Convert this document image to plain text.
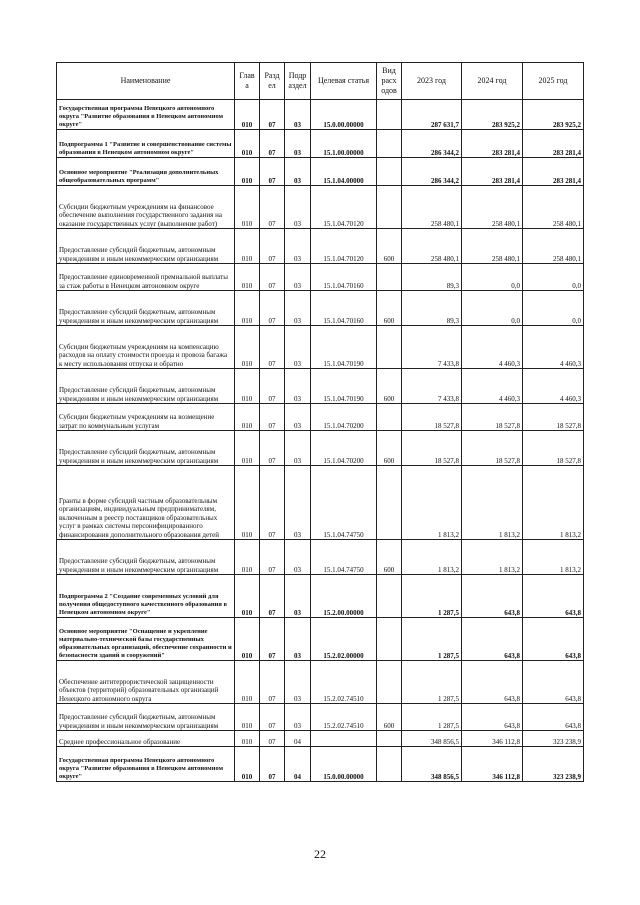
Наименование	Глав а	Разд ел	Подр аздел	Целевая статья	Вид расх одов	2023 год	2024 год	2025 год
Государственная программа Ненецкого автономного округа "Развитие образования в Ненецком автономном округе"	010	07	03	15.0.00.00000		287 631,7	283 925,2	283 925,2
Подпрограмма 1 "Развитие и совершенствование системы образования в Ненецком автономном округе"	010	07	03	15.1.00.00000		286 344,2	283 281,4	283 281,4
Основное мероприятие "Реализация дополнительных общеобразовательных программ"	010	07	03	15.1.04.00000		286 344,2	283 281,4	283 281,4
Субсидии бюджетным учреждениям на финансовое обеспечение выполнения государственного задания на оказание государственных услуг (выполнение работ)	010	07	03	15.1.04.70120		258 480,1	258 480,1	258 480,1
Предоставление субсидий бюджетным, автономным учреждениям и иным некоммерческим организациям	010	07	03	15.1.04.70120	600	258 480,1	258 480,1	258 480,1
Предоставление единовременной премиальной выплаты за стаж работы в Ненецком автономном округе	010	07	03	15.1.04.70160		89,3	0,0	0,0
Предоставление субсидий бюджетным, автономным учреждениям и иным некоммерческим организациям	010	07	03	15.1.04.70160	600	89,3	0,0	0,0
Субсидии бюджетным учреждениям на компенсацию расходов на оплату стоимости проезда и провоза багажа к месту использования отпуска и обратно	010	07	03	15.1.04.70190		7 433,8	4 460,3	4 460,3
Предоставление субсидий бюджетным, автономным учреждениям и иным некоммерческим организациям	010	07	03	15.1.04.70190	600	7 433,8	4 460,3	4 460,3
Субсидии бюджетным учреждениям на возмещение затрат по коммунальным услугам	010	07	03	15.1.04.70200		18 527,8	18 527,8	18 527,8
Предоставление субсидий бюджетным, автономным учреждениям и иным некоммерческим организациям	010	07	03	15.1.04.70200	600	18 527,8	18 527,8	18 527,8
Гранты в форме субсидий частным образовательным организациям, индивидуальным предпринимателям, включенным в реестр поставщиков образовательных услуг в рамках системы персонифицированного финансирования дополнительного образования детей	010	07	03	15.1.04.74750		1 813,2	1 813,2	1 813,2
Предоставление субсидий бюджетным, автономным учреждениям и иным некоммерческим организациям	010	07	03	15.1.04.74750	600	1 813,2	1 813,2	1 813,2
Подпрограмма 2 "Создание современных условий для получения общедоступного качественного образования в Ненецком автономном округе"	010	07	03	15.2.00.00000		1 287,5	643,8	643,8
Основное мероприятие "Оснащение и укрепление материально-технической базы государственных образовательных организаций, обеспечение сохранности и безопасности зданий и сооружений"	010	07	03	15.2.02.00000		1 287,5	643,8	643,8
Обеспечение антитеррористической защищенности объектов (территорий) образовательных организаций Ненецкого автономного округа	010	07	03	15.2.02.74510		1 287,5	643,8	643,8
Предоставление субсидий бюджетным, автономным учреждениям и иным некоммерческим организациям	010	07	03	15.2.02.74510	600	1 287,5	643,8	643,8
Среднее профессиональное образование	010	07	04			348 856,5	346 112,8	323 238,9
Государственная программа Ненецкого автономного округа "Развитие образования в Ненецком автономном округе"	010	07	04	15.0.00.00000		348 856,5	346 112,8	323 238,9
22
